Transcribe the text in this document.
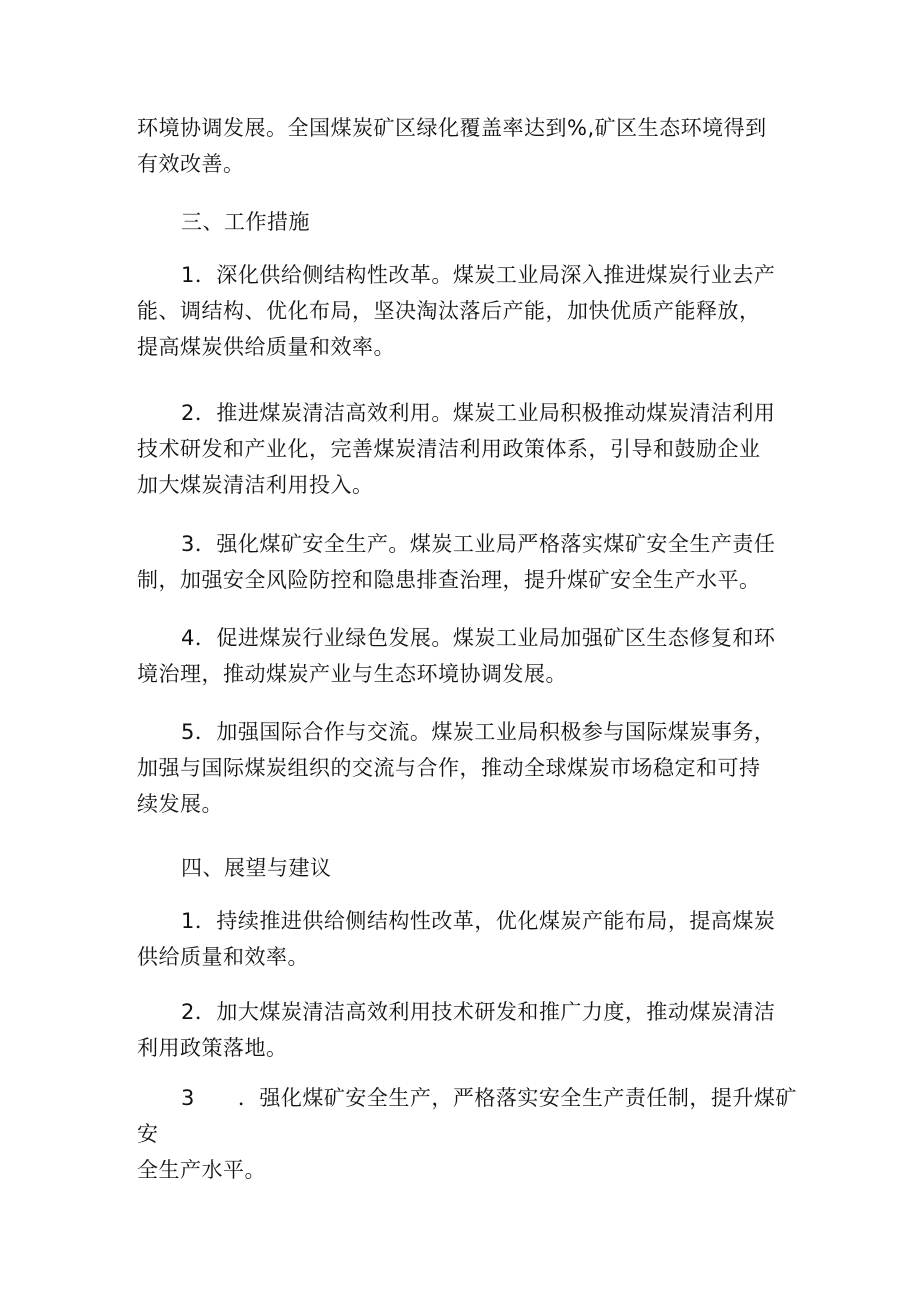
环境协调发展。全国煤炭矿区绿化覆盖率达到%,矿区生态环境得到
有效改善。
三、工作措施
1．深化供给侧结构性改革。煤炭工业局深入推进煤炭行业去产
能、调结构、优化布局，坚决淘汰落后产能，加快优质产能释放，
提高煤炭供给质量和效率。
2．推进煤炭清洁高效利用。煤炭工业局积极推动煤炭清洁利用
技术研发和产业化，完善煤炭清洁利用政策体系，引导和鼓励企业
加大煤炭清洁利用投入。
3．强化煤矿安全生产。煤炭工业局严格落实煤矿安全生产责任
制，加强安全风险防控和隐患排查治理，提升煤矿安全生产水平。
4．促进煤炭行业绿色发展。煤炭工业局加强矿区生态修复和环
境治理，推动煤炭产业与生态环境协调发展。
5．加强国际合作与交流。煤炭工业局积极参与国际煤炭事务，
加强与国际煤炭组织的交流与合作，推动全球煤炭市场稳定和可持
续发展。
四、展望与建议
1．持续推进供给侧结构性改革，优化煤炭产能布局，提高煤炭
供给质量和效率。
2．加大煤炭清洁高效利用技术研发和推广力度，推动煤炭清洁
利用政策落地。
3　　．强化煤矿安全生产，严格落实安全生产责任制，提升煤矿
安
全生产水平。
